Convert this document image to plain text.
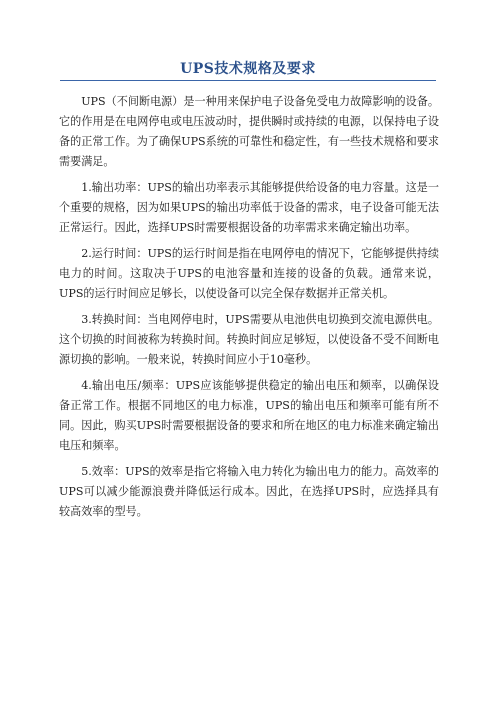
UPS技术规格及要求

UPS（不间断电源）是一种用来保护电子设备免受电力故障影响的设备。它的作用是在电网停电或电压波动时，提供瞬时或持续的电源，以保持电子设备的正常工作。为了确保UPS系统的可靠性和稳定性，有一些技术规格和要求需要满足。

1.输出功率：UPS的输出功率表示其能够提供给设备的电力容量。这是一个重要的规格，因为如果UPS的输出功率低于设备的需求，电子设备可能无法正常运行。因此，选择UPS时需要根据设备的功率需求来确定输出功率。

2.运行时间：UPS的运行时间是指在电网停电的情况下，它能够提供持续电力的时间。这取决于UPS的电池容量和连接的设备的负载。通常来说，UPS的运行时间应足够长，以使设备可以完全保存数据并正常关机。

3.转换时间：当电网停电时，UPS需要从电池供电切换到交流电源供电。这个切换的时间被称为转换时间。转换时间应足够短，以使设备不受不间断电源切换的影响。一般来说，转换时间应小于10毫秒。

4.输出电压/频率：UPS应该能够提供稳定的输出电压和频率，以确保设备正常工作。根据不同地区的电力标准，UPS的输出电压和频率可能有所不同。因此，购买UPS时需要根据设备的要求和所在地区的电力标准来确定输出电压和频率。

5.效率：UPS的效率是指它将输入电力转化为输出电力的能力。高效率的UPS可以减少能源浪费并降低运行成本。因此，在选择UPS时，应选择具有较高效率的型号。
